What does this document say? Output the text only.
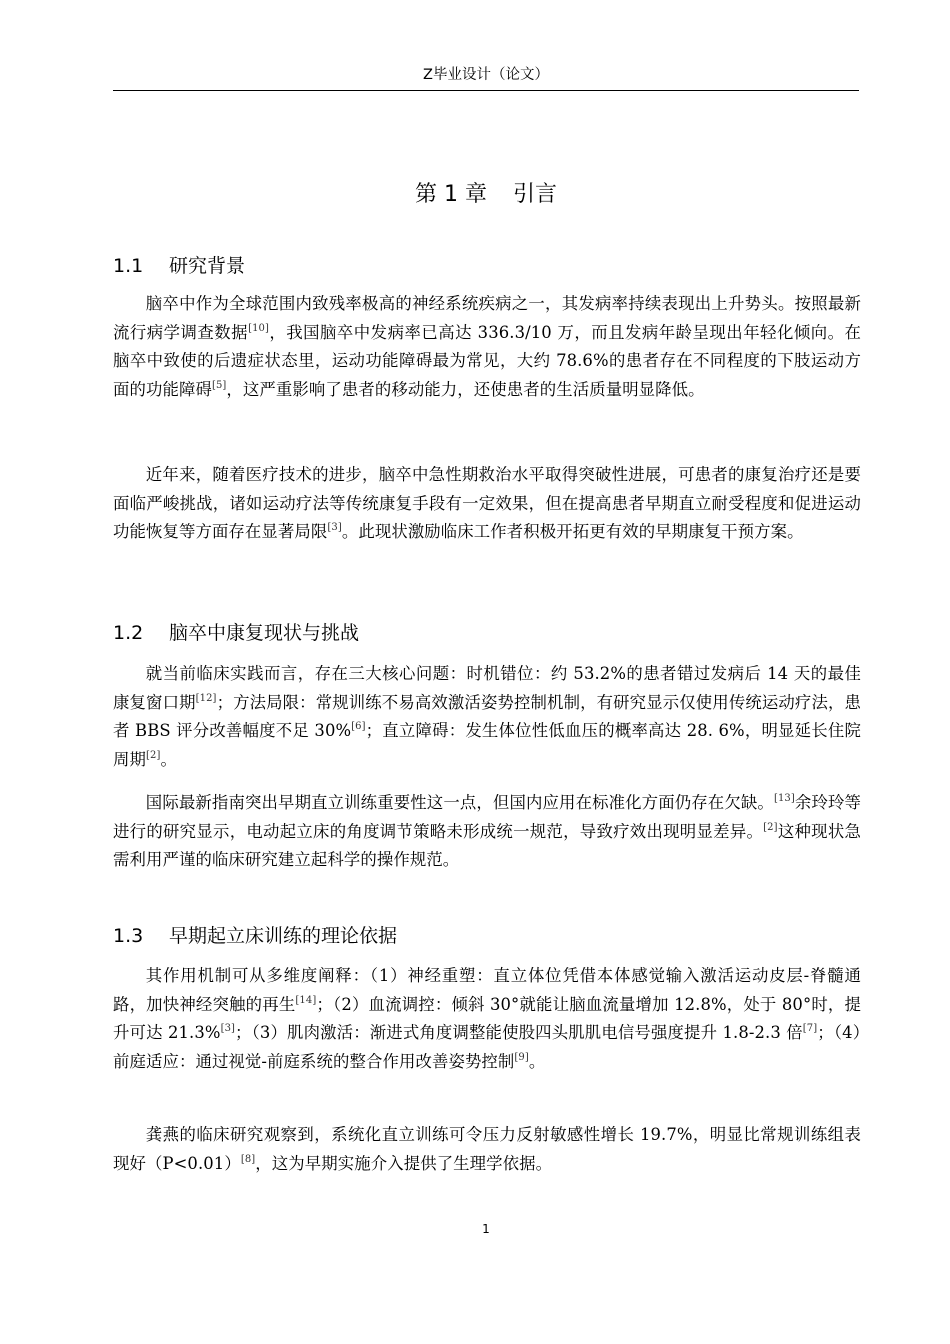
Z毕业设计（论文）
第 1 章 引言
1.1 研究背景

脑卒中作为全球范围内致残率极高的神经系统疾病之一，其发病率持续表现出上升势头。按照最新流行病学调查数据[10]，我国脑卒中发病率已高达 336.3/10 万，而且发病年龄呈现出年轻化倾向。在脑卒中致使的后遗症状态里，运动功能障碍最为常见，大约 78.6%的患者存在不同程度的下肢运动方面的功能障碍[5]，这严重影响了患者的移动能力，还使患者的生活质量明显降低。

近年来，随着医疗技术的进步，脑卒中急性期救治水平取得突破性进展，可患者的康复治疗还是要面临严峻挑战，诸如运动疗法等传统康复手段有一定效果，但在提高患者早期直立耐受程度和促进运动功能恢复等方面存在显著局限[3]。此现状激励临床工作者积极开拓更有效的早期康复干预方案。

1.2 脑卒中康复现状与挑战

就当前临床实践而言，存在三大核心问题：时机错位：约 53.2%的患者错过发病后 14 天的最佳康复窗口期[12]；方法局限：常规训练不易高效激活姿势控制机制，有研究显示仅使用传统运动疗法，患者 BBS 评分改善幅度不足 30%[6]；直立障碍：发生体位性低血压的概率高达 28. 6%，明显延长住院周期[2]。

国际最新指南突出早期直立训练重要性这一点，但国内应用在标准化方面仍存在欠缺。[13]余玲玲等进行的研究显示，电动起立床的角度调节策略未形成统一规范，导致疗效出现明显差异。[2]这种现状急需利用严谨的临床研究建立起科学的操作规范。

1.3 早期起立床训练的理论依据

其作用机制可从多维度阐释：（1）神经重塑：直立体位凭借本体感觉输入激活运动皮层-脊髓通路，加快神经突触的再生[14]；（2）血流调控：倾斜 30°就能让脑血流量增加 12.8%，处于 80°时，提升可达 21.3%[3]；（3）肌肉激活：渐进式角度调整能使股四头肌肌电信号强度提升 1.8-2.3 倍[7]；（4）前庭适应：通过视觉-前庭系统的整合作用改善姿势控制[9]。

龚燕的临床研究观察到，系统化直立训练可令压力反射敏感性增长 19.7%，明显比常规训练组表现好（P<0.01）[8]，这为早期实施介入提供了生理学依据。

1
